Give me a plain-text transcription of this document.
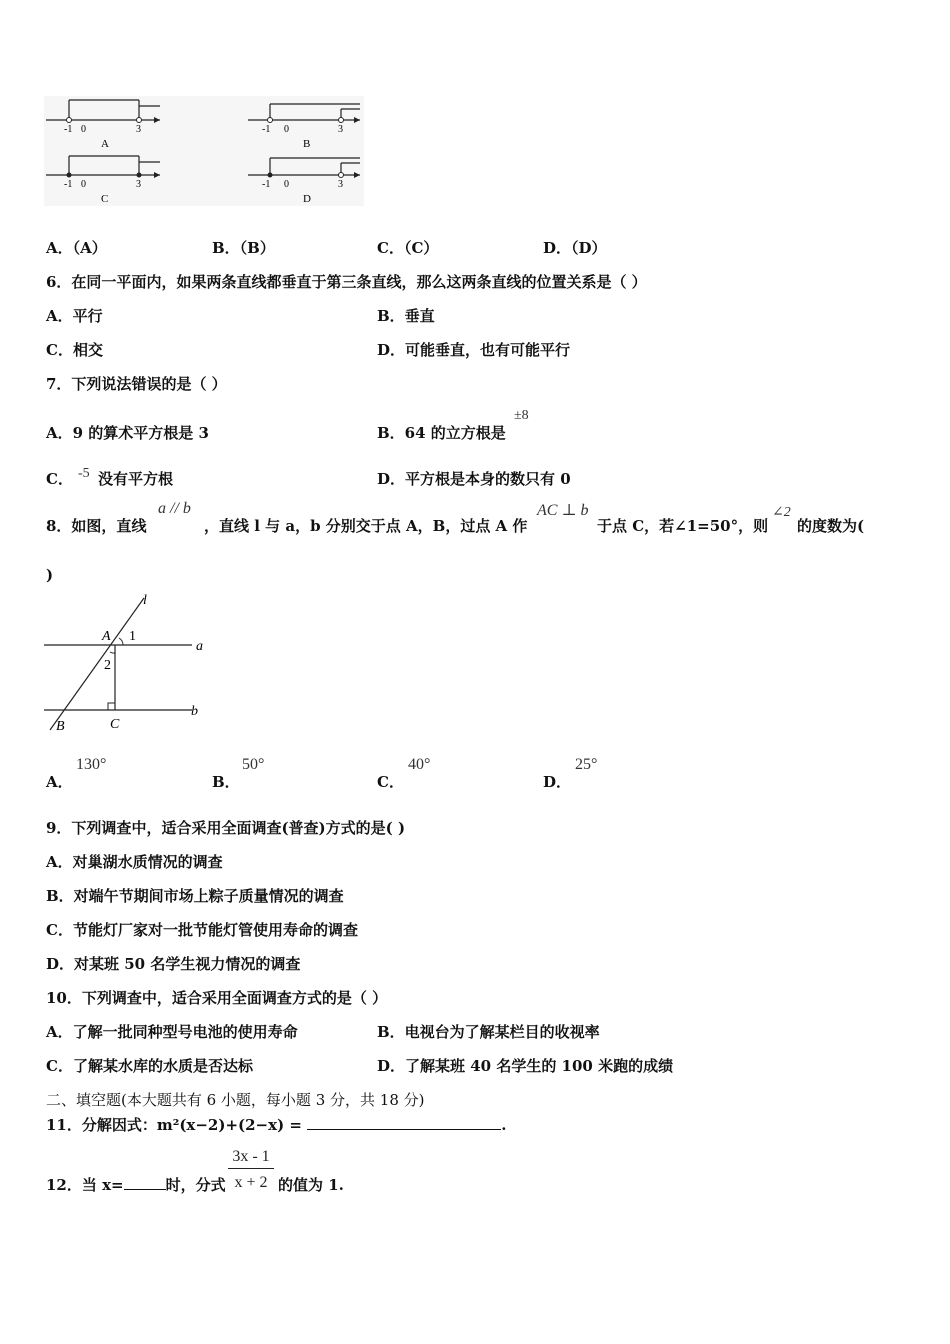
-1 0	3
A
-1 0	3
B
-1 0	3
C
-1 0	3
D
A．（A）	B．（B）	C．（C）	D．（D）
6．在同一平面内，如果两条直线都垂直于第三条直线，那么这两条直线的位置关系是（ ）
A．平行	B．垂直
C．相交	D．可能垂直，也有可能平行
7．下列说法错误的是（ ）
A．9 的算术平方根是 3	B．64 的立方根是
±8
C． -5 没有平方根	D．平方根是本身的数只有 0
8．如图，直线
a // b
，直线 l 与 a，b 分别交于点 A，B，过点 A 作
AC ⊥ b
于点 C，若∠1=50°，则
∠2
的度数为(
)
l
a
b
A
B	C
1
2
A．
130°
B．
50°
C．
40°
D．
25°
9．下列调查中，适合采用全面调查(普查)方式的是( )
A．对巢湖水质情况的调查
B．对端午节期间市场上粽子质量情况的调查
C．节能灯厂家对一批节能灯管使用寿命的调查
D．对某班 50 名学生视力情况的调查
10．下列调查中，适合采用全面调查方式的是（ ）
A．了解一批同种型号电池的使用寿命	B．电视台为了解某栏目的收视率
C．了解某水库的水质是否达标	D．了解某班 40 名学生的 100 米跑的成绩
二、填空题(本大题共有 6 小题，每小题 3 分，共 18 分)
11．分解因式：m²(x−2)+(2−x) =	.
12．当 x=	时，分式
3x - 1
x + 2 的值为 1.
